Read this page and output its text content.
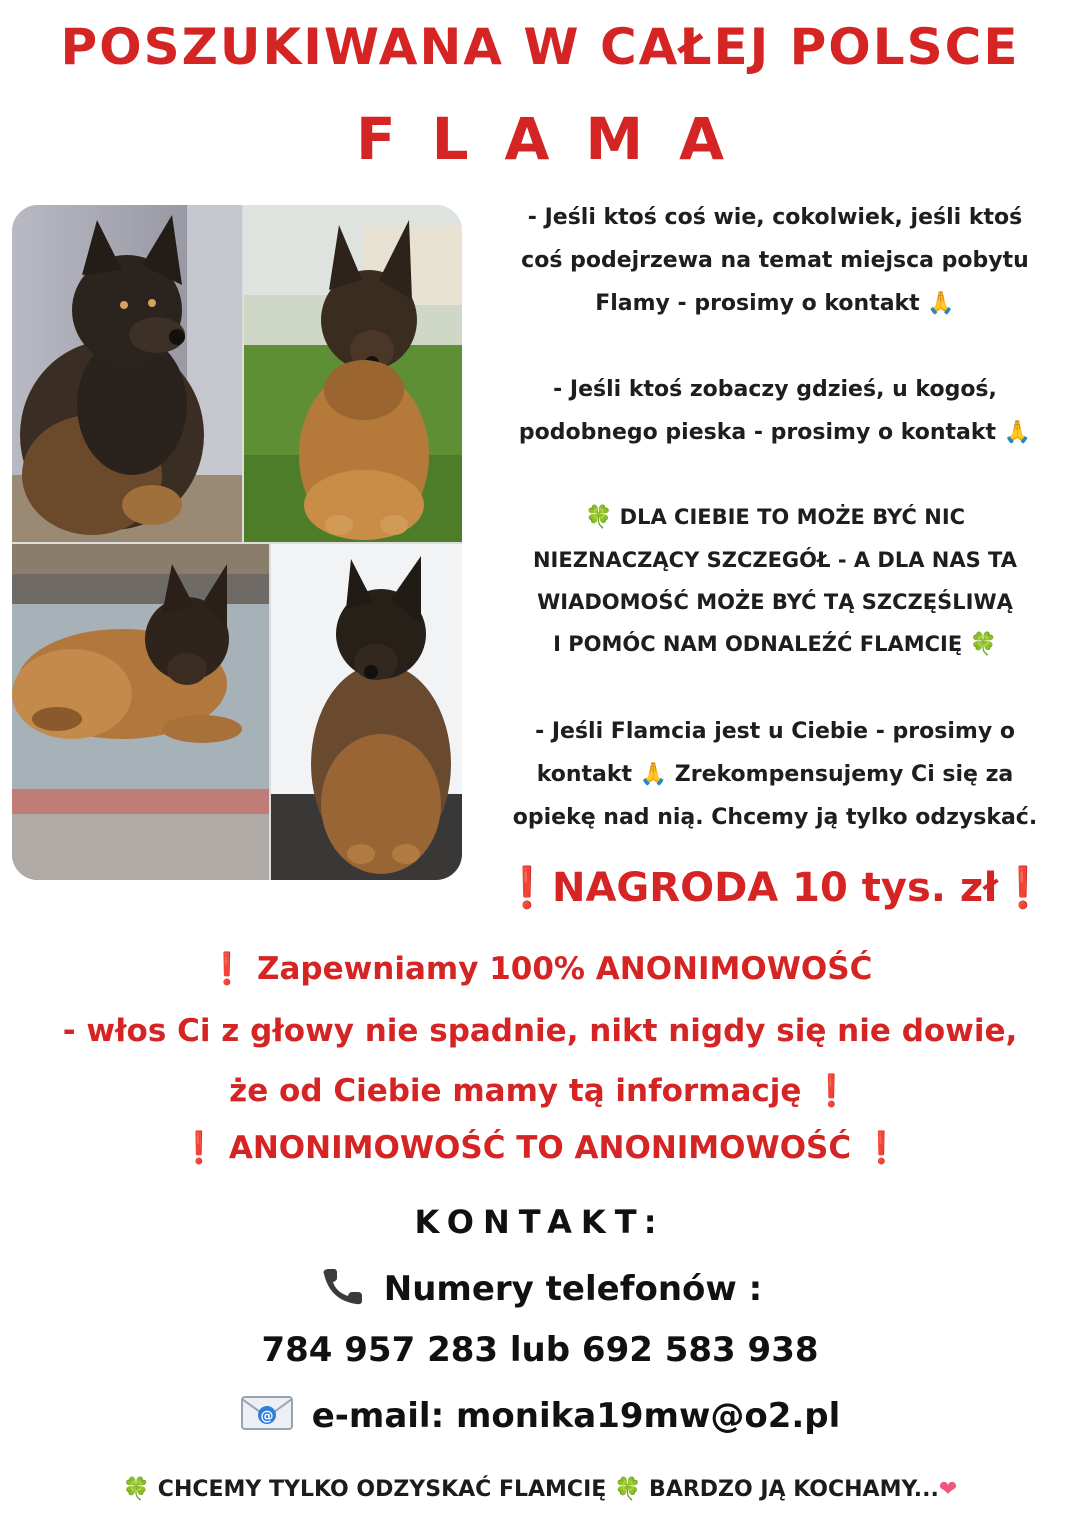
POSZUKIWANA W CAŁEJ POLSCE
FLAMA
- Jeśli ktoś coś wie, cokolwiek, jeśli ktoś
coś podejrzewa na temat miejsca pobytu
Flamy - prosimy o kontakt 🙏
- Jeśli ktoś zobaczy gdzieś, u kogoś,
podobnego pieska - prosimy o kontakt 🙏
🍀 DLA CIEBIE TO MOŻE BYĆ NIC
NIEZNACZĄCY SZCZEGÓŁ - A DLA NAS TA
WIADOMOŚĆ MOŻE BYĆ TĄ SZCZĘŚLIWĄ
I POMÓC NAM ODNALEŹĆ FLAMCIĘ 🍀
- Jeśli Flamcia jest u Ciebie - prosimy o
kontakt 🙏 Zrekompensujemy Ci się za
opiekę nad nią. Chcemy ją tylko odzyskać.
❗NAGRODA 10 tys. zł❗
❗ Zapewniamy 100% ANONIMOWOŚĆ
- włos Ci z głowy nie spadnie, nikt nigdy się nie dowie,
że od Ciebie mamy tą informację ❗
❗ ANONIMOWOŚĆ TO ANONIMOWOŚĆ ❗
KONTAKT:
Numery telefonów :
784 957 283 lub 692 583 938
@ e-mail: monika19mw@o2.pl
🍀 CHCEMY TYLKO ODZYSKAĆ FLAMCIĘ 🍀 BARDZO JĄ KOCHAMY...❤
